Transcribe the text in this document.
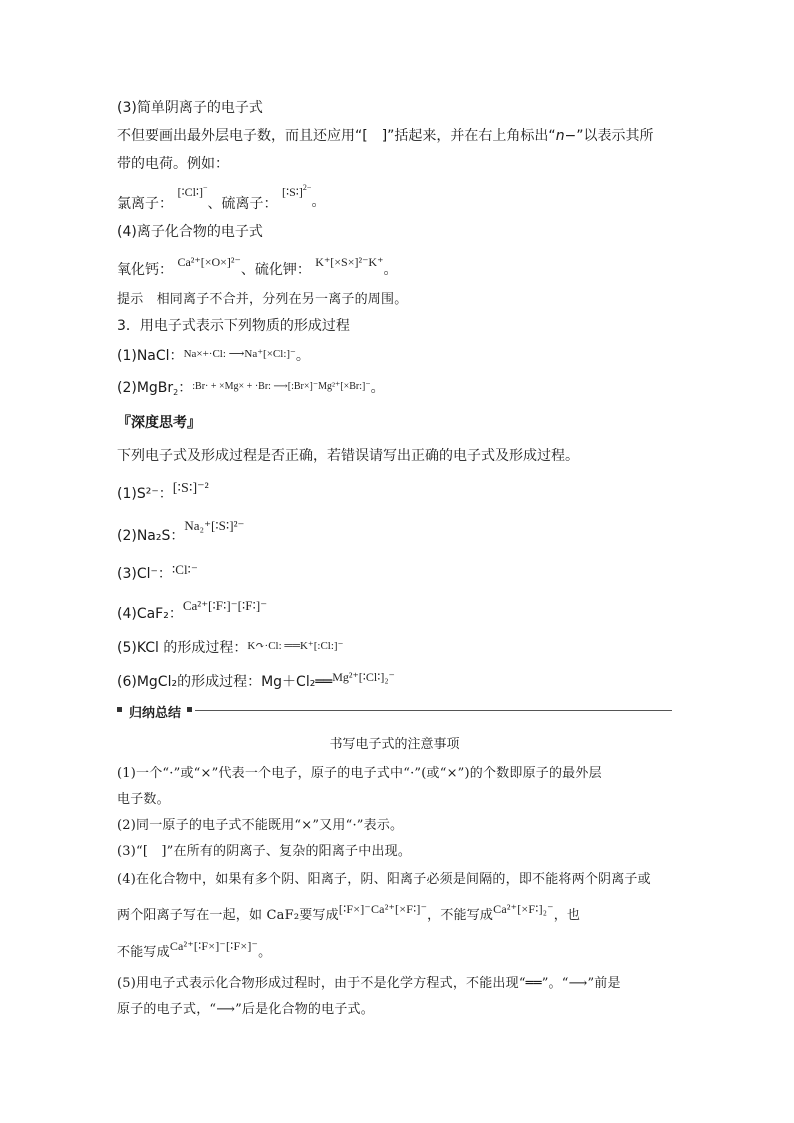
(3)简单阴离子的电子式
不但要画出最外层电子数，而且还应用“[　]”括起来，并在右上角标出“n−”以表示其所
带的电荷。例如：
氯离子： [∶Cl∶]−、硫离子： [∶S∶]$^{2-}$。
(4)离子化合物的电子式
氧化钙： Ca²⁺[×O×]²⁻、硫化钾： K⁺[×S×]²⁻K⁺。
提示　相同离子不合并，分列在另一离子的周围。
3．用电子式表示下列物质的形成过程
(1)NaCl：$^{Na\times+\cdot Cl: ⟶Na^+[\times Cl:]^-}$。
(2)MgBr$_2$：$^{:Br\cdot + \times Mg\times + \cdot Br: ⟶[:Br\times]^-Mg^{2+}[\times Br:]^-}$。
『深度思考』
下列电子式及形成过程是否正确，若错误请写出正确的电子式及形成过程。
(1)S²⁻：[∶S∶]⁻²
(2)Na₂S：Na₂⁺[∶S∶]²⁻
(3)Cl⁻：∶Cl∶⁻
(4)CaF₂：Ca²⁺[∶F∶]⁻[∶F∶]⁻
(5)KCl 的形成过程：$^{K↷\cdot Cl: ══K^+[:Cl:]^-}$
(6)MgCl₂的形成过程：Mg＋Cl₂══Mg²⁺[∶Cl∶]₂⁻
归纳总结
书写电子式的注意事项
(1)一个“·”或“×”代表一个电子，原子的电子式中“·”(或“×”)的个数即原子的最外层
电子数。
(2)同一原子的电子式不能既用“×”又用“·”表示。
(3)“[　]”在所有的阴离子、复杂的阳离子中出现。
(4)在化合物中，如果有多个阴、阳离子，阴、阳离子必须是间隔的，即不能将两个阴离子或
两个阳离子写在一起，如 CaF₂要写成[∶F×]⁻Ca²⁺[×F∶]⁻，不能写成Ca²⁺[×F∶]₂⁻，也
不能写成Ca²⁺[∶F×]⁻[∶F×]⁻。
(5)用电子式表示化合物形成过程时，由于不是化学方程式，不能出现“══”。“⟶”前是
原子的电子式，“⟶”后是化合物的电子式。
